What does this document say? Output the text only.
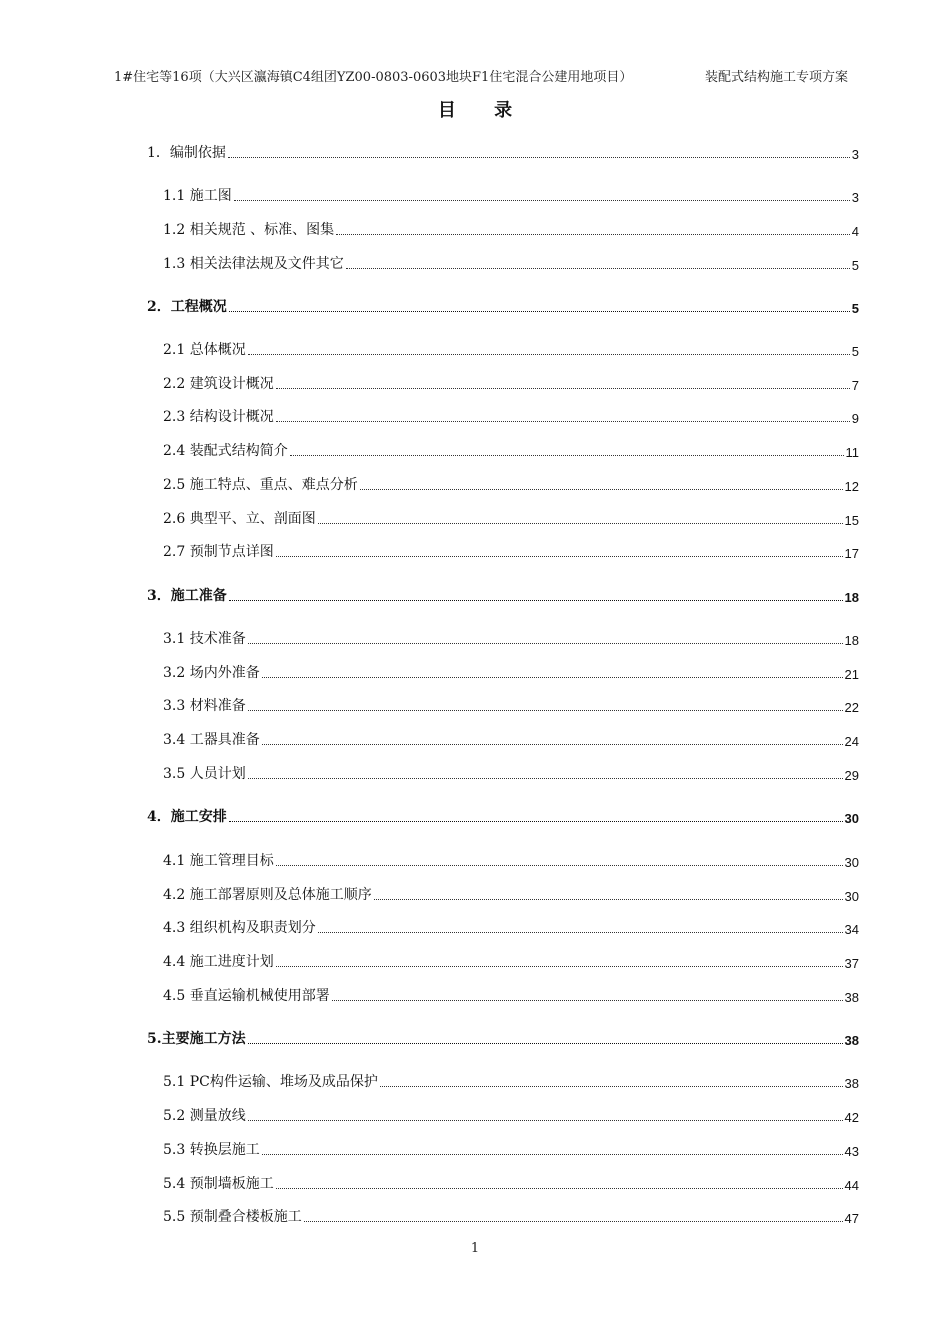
1#住宅等16项（大兴区瀛海镇C4组团YZ00-0803-0603地块F1住宅混合公建用地项目）	装配式结构施工专项方案
目 录
1．编制依据	3
1.1 施工图	3
1.2 相关规范 、标准、图集	4
1.3 相关法律法规及文件其它	5
2．工程概况	5
2.1 总体概况	5
2.2 建筑设计概况	7
2.3 结构设计概况	9
2.4 装配式结构简介	11
2.5 施工特点、重点、难点分析	12
2.6 典型平、立、剖面图	15
2.7 预制节点详图	17
3．施工准备	18
3.1 技术准备	18
3.2 场内外准备	21
3.3 材料准备	22
3.4 工器具准备	24
3.5 人员计划	29
4．施工安排	30
4.1 施工管理目标	30
4.2 施工部署原则及总体施工顺序	30
4.3 组织机构及职责划分	34
4.4 施工进度计划	37
4.5 垂直运输机械使用部署	38
5.主要施工方法	38
5.1 PC构件运输、堆场及成品保护	38
5.2 测量放线	42
5.3 转换层施工	43
5.4 预制墙板施工	44
5.5 预制叠合楼板施工	47
1
